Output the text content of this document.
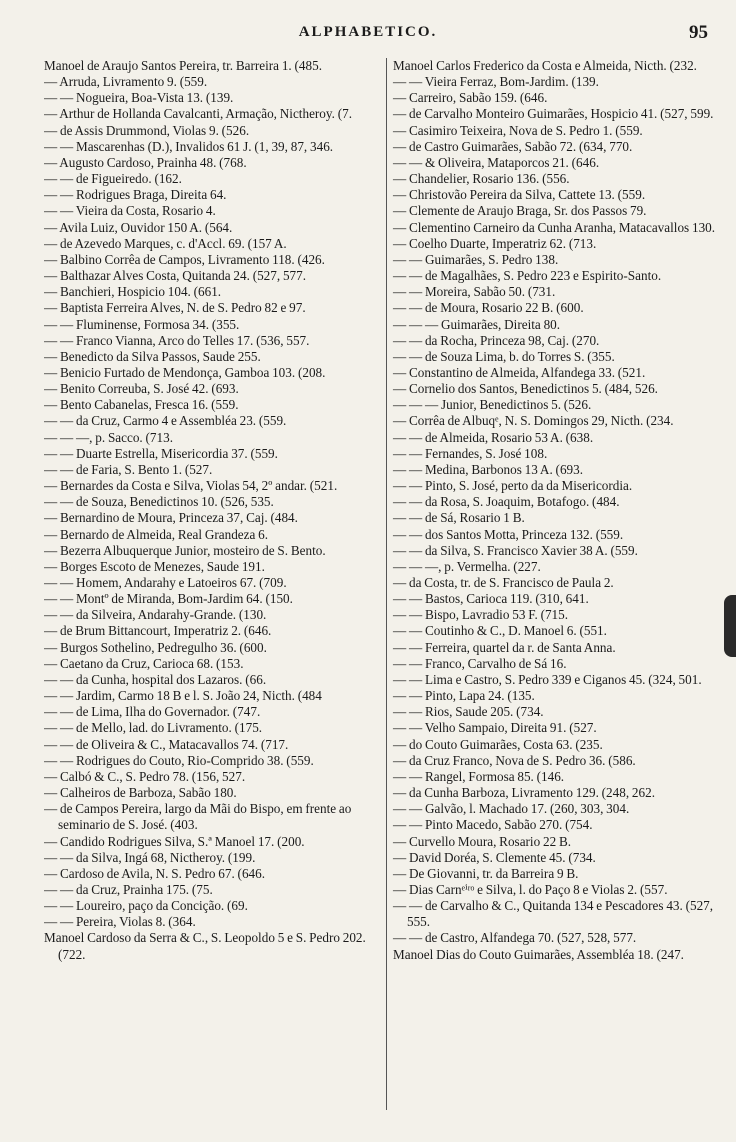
ALPHABETICO.	95
Manoel de Araujo Santos Pereira, tr. Barreira 1. (485.
— Arruda, Livramento 9. (559.
— — Nogueira, Boa-Vista 13. (139.
— Arthur de Hollanda Cavalcanti, Armação, Nictheroy. (7.
— de Assis Drummond, Violas 9. (526.
— — Mascarenhas (D.), Invalidos 61 J. (1, 39, 87, 346.
— Augusto Cardoso, Prainha 48. (768.
— — de Figueiredo. (162.
— — Rodrigues Braga, Direita 64.
— — Vieira da Costa, Rosario 4.
— Avila Luiz, Ouvidor 150 A. (564.
— de Azevedo Marques, c. d'Accl. 69. (157 A.
— Balbino Corrêa de Campos, Livramento 118. (426.
— Balthazar Alves Costa, Quitanda 24. (527, 577.
— Banchieri, Hospicio 104. (661.
— Baptista Ferreira Alves, N. de S. Pedro 82 e 97.
— — Fluminense, Formosa 34. (355.
— — Franco Vianna, Arco do Telles 17. (536, 557.
— Benedicto da Silva Passos, Saude 255.
— Benicio Furtado de Mendonça, Gamboa 103. (208.
— Benito Correuba, S. José 42. (693.
— Bento Cabanelas, Fresca 16. (559.
— — da Cruz, Carmo 4 e Assembléa 23. (559.
— — —, p. Sacco. (713.
— — Duarte Estrella, Misericordia 37. (559.
— — de Faria, S. Bento 1. (527.
— Bernardes da Costa e Silva, Violas 54, 2º andar. (521.
— — de Souza, Benedictinos 10. (526, 535.
— Bernardino de Moura, Princeza 37, Caj. (484.
— Bernardo de Almeida, Real Grandeza 6.
— Bezerra Albuquerque Junior, mosteiro de S. Bento.
— Borges Escoto de Menezes, Saude 191.
— — Homem, Andarahy e Latoeiros 67. (709.
— — Montº de Miranda, Bom-Jardim 64. (150.
— — da Silveira, Andarahy-Grande. (130.
— de Brum Bittancourt, Imperatriz 2. (646.
— Burgos Sothelino, Pedregulho 36. (600.
— Caetano da Cruz, Carioca 68. (153.
— — da Cunha, hospital dos Lazaros. (66.
— — Jardim, Carmo 18 B e l. S. João 24, Nicth. (484
— — de Lima, Ilha do Governador. (747.
— — de Mello, lad. do Livramento. (175.
— — de Oliveira & C., Matacavallos 74. (717.
— — Rodrigues do Couto, Rio-Comprido 38. (559.
— Calbó & C., S. Pedro 78. (156, 527.
— Calheiros de Barboza, Sabão 180.
— de Campos Pereira, largo da Mãi do Bispo, em frente ao seminario de S. José. (403.
— Candido Rodrigues Silva, S.ª Manoel 17. (200.
— — da Silva, Ingá 68, Nictheroy. (199.
— Cardoso de Avila, N. S. Pedro 67. (646.
— — da Cruz, Prainha 175. (75.
— — Loureiro, paço da Concição. (69.
— — Pereira, Violas 8. (364.
Manoel Cardoso da Serra & C., S. Leopoldo 5 e S. Pedro 202. (722.
Manoel Carlos Frederico da Costa e Almeida, Nicth. (232.
— — Vieira Ferraz, Bom-Jardim. (139.
— Carreiro, Sabão 159. (646.
— de Carvalho Monteiro Guimarães, Hospicio 41. (527, 599.
— Casimiro Teixeira, Nova de S. Pedro 1. (559.
— de Castro Guimarães, Sabão 72. (634, 770.
— — & Oliveira, Mataporcos 21. (646.
— Chandelier, Rosario 136. (556.
— Christovão Pereira da Silva, Cattete 13. (559.
— Clemente de Araujo Braga, Sr. dos Passos 79.
— Clementino Carneiro da Cunha Aranha, Matacavallos 130.
— Coelho Duarte, Imperatriz 62. (713.
— — Guimarães, S. Pedro 138.
— — de Magalhães, S. Pedro 223 e Espirito-Santo.
— — Moreira, Sabão 50. (731.
— — de Moura, Rosario 22 B. (600.
— — — Guimarães, Direita 80.
— — da Rocha, Princeza 98, Caj. (270.
— — de Souza Lima, b. do Torres S. (355.
— Constantino de Almeida, Alfandega 33. (521.
— Cornelio dos Santos, Benedictinos 5. (484, 526.
— — — Junior, Benedictinos 5. (526.
— Corrêa de Albuqᵉ, N. S. Domingos 29, Nicth. (234.
— — de Almeida, Rosario 53 A. (638.
— — Fernandes, S. José 108.
— — Medina, Barbonos 13 A. (693.
— — Pinto, S. José, perto da da Misericordia.
— — da Rosa, S. Joaquim, Botafogo. (484.
— — de Sá, Rosario 1 B.
— — dos Santos Motta, Princeza 132. (559.
— — da Silva, S. Francisco Xavier 38 A. (559.
— — —, p. Vermelha. (227.
— da Costa, tr. de S. Francisco de Paula 2.
— — Bastos, Carioca 119. (310, 641.
— — Bispo, Lavradio 53 F. (715.
— — Coutinho & C., D. Manoel 6. (551.
— — Ferreira, quartel da r. de Santa Anna.
— — Franco, Carvalho de Sá 16.
— — Lima e Castro, S. Pedro 339 e Ciganos 45. (324, 501.
— — Pinto, Lapa 24. (135.
— — Rios, Saude 205. (734.
— — Velho Sampaio, Direita 91. (527.
— do Couto Guimarães, Costa 63. (235.
— da Cruz Franco, Nova de S. Pedro 36. (586.
— — Rangel, Formosa 85. (146.
— da Cunha Barboza, Livramento 129. (248, 262.
— — Galvão, l. Machado 17. (260, 303, 304.
— — Pinto Macedo, Sabão 270. (754.
— Curvello Moura, Rosario 22 B.
— David Doréa, S. Clemente 45. (734.
— De Giovanni, tr. da Barreira 9 B.
— Dias Carnᵉⁱʳᵒ e Silva, l. do Paço 8 e Violas 2. (557.
— — de Carvalho & C., Quitanda 134 e Pescadores 43. (527, 555.
— — de Castro, Alfandega 70. (527, 528, 577.
Manoel Dias do Couto Guimarães, Assembléa 18. (247.
